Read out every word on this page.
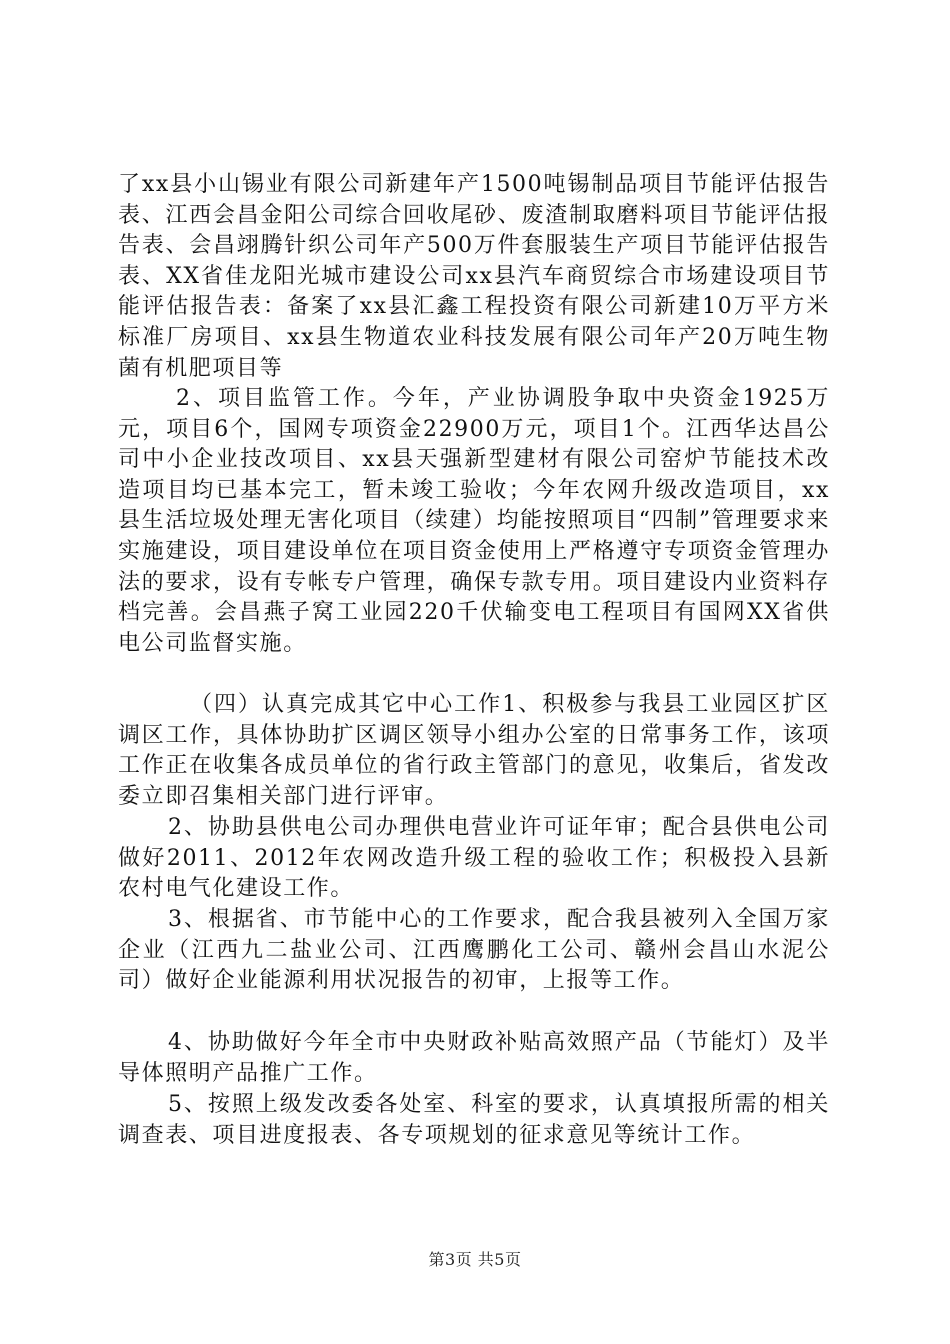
了xx县小山锡业有限公司新建年产1500吨锡制品项目节能评估报告表、江西会昌金阳公司综合回收尾砂、废渣制取磨料项目节能评估报告表、会昌翊腾针织公司年产500万件套服装生产项目节能评估报告表、XX省佳龙阳光城市建设公司xx县汽车商贸综合市场建设项目节能评估报告表：备案了xx县汇鑫工程投资有限公司新建10万平方米标准厂房项目、xx县生物道农业科技发展有限公司年产20万吨生物菌有机肥项目等

2、项目监管工作。今年，产业协调股争取中央资金1925万元，项目6个，国网专项资金22900万元，项目1个。江西华达昌公司中小企业技改项目、xx县天强新型建材有限公司窑炉节能技术改造项目均已基本完工，暂未竣工验收；今年农网升级改造项目，xx县生活垃圾处理无害化项目（续建）均能按照项目“四制”管理要求来实施建设，项目建设单位在项目资金使用上严格遵守专项资金管理办法的要求，设有专帐专户管理，确保专款专用。项目建设内业资料存档完善。会昌燕子窝工业园220千伏输变电工程项目有国网XX省供电公司监督实施。

（四）认真完成其它中心工作1、积极参与我县工业园区扩区调区工作，具体协助扩区调区领导小组办公室的日常事务工作，该项工作正在收集各成员单位的省行政主管部门的意见，收集后，省发改委立即召集相关部门进行评审。

2、协助县供电公司办理供电营业许可证年审；配合县供电公司做好2011、2012年农网改造升级工程的验收工作；积极投入县新农村电气化建设工作。

3、根据省、市节能中心的工作要求，配合我县被列入全国万家企业（江西九二盐业公司、江西鹰鹏化工公司、赣州会昌山水泥公司）做好企业能源利用状况报告的初审，上报等工作。

4、协助做好今年全市中央财政补贴高效照产品（节能灯）及半导体照明产品推广工作。

5、按照上级发改委各处室、科室的要求，认真填报所需的相关调查表、项目进度报表、各专项规划的征求意见等统计工作。

第3页 共5页
